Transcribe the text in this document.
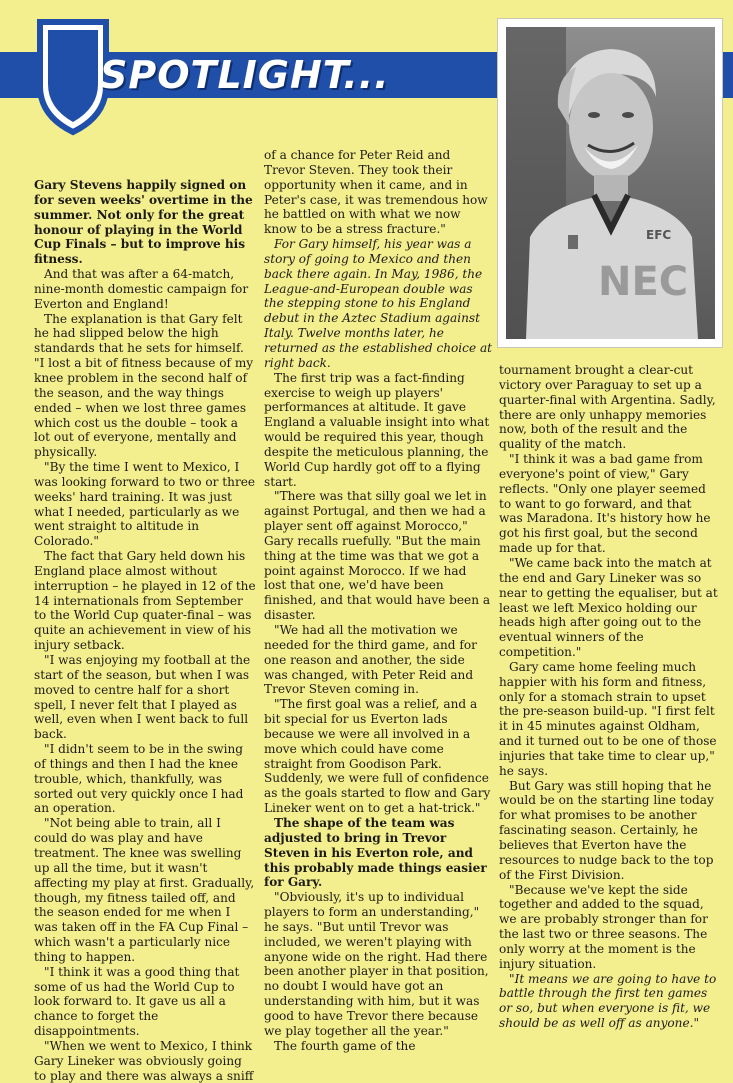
SPOTLIGHT...
NEC
EFC

Gary Stevens happily signed on for seven weeks' overtime in the summer. Not only for the great honour of playing in the World Cup Finals – but to improve his fitness.

And that was after a 64-match, nine-month domestic campaign for Everton and England!

The explanation is that Gary felt he had slipped below the high standards that he sets for himself. "I lost a bit of fitness because of my knee problem in the second half of the season, and the way things ended – when we lost three games which cost us the double – took a lot out of everyone, mentally and physically.

"By the time I went to Mexico, I was looking forward to two or three weeks' hard training. It was just what I needed, particularly as we went straight to altitude in Colorado."

The fact that Gary held down his England place almost without interruption – he played in 12 of the 14 internationals from September to the World Cup quater-final – was quite an achievement in view of his injury setback.

"I was enjoying my football at the start of the season, but when I was moved to centre half for a short spell, I never felt that I played as well, even when I went back to full back.

"I didn't seem to be in the swing of things and then I had the knee trouble, which, thankfully, was sorted out very quickly once I had an operation.

"Not being able to train, all I could do was play and have treatment. The knee was swelling up all the time, but it wasn't affecting my play at first. Gradually, though, my fitness tailed off, and the season ended for me when I was taken off in the FA Cup Final – which wasn't a particularly nice thing to happen.

"I think it was a good thing that some of us had the World Cup to look forward to. It gave us all a chance to forget the disappointments.

"When we went to Mexico, I think Gary Lineker was obviously going to play and there was always a sniff

of a chance for Peter Reid and Trevor Steven. They took their opportunity when it came, and in Peter's case, it was tremendous how he battled on with what we now know to be a stress fracture."

For Gary himself, his year was a story of going to Mexico and then back there again. In May, 1986, the League-and-European double was the stepping stone to his England debut in the Aztec Stadium against Italy. Twelve months later, he returned as the established choice at right back.

The first trip was a fact-finding exercise to weigh up players' performances at altitude. It gave England a valuable insight into what would be required this year, though despite the meticulous planning, the World Cup hardly got off to a flying start.

"There was that silly goal we let in against Portugal, and then we had a player sent off against Morocco," Gary recalls ruefully. "But the main thing at the time was that we got a point against Morocco. If we had lost that one, we'd have been finished, and that would have been a disaster.

"We had all the motivation we needed for the third game, and for one reason and another, the side was changed, with Peter Reid and Trevor Steven coming in.

"The first goal was a relief, and a bit special for us Everton lads because we were all involved in a move which could have come straight from Goodison Park. Suddenly, we were full of confidence as the goals started to flow and Gary Lineker went on to get a hat-trick."

The shape of the team was adjusted to bring in Trevor Steven in his Everton role, and this probably made things easier for Gary.

"Obviously, it's up to individual players to form an understanding," he says. "But until Trevor was included, we weren't playing with anyone wide on the right. Had there been another player in that position, no doubt I would have got an understanding with him, but it was good to have Trevor there because we play together all the year."

The fourth game of the

tournament brought a clear-cut victory over Paraguay to set up a quarter-final with Argentina. Sadly, there are only unhappy memories now, both of the result and the quality of the match.

"I think it was a bad game from everyone's point of view," Gary reflects. "Only one player seemed to want to go forward, and that was Maradona. It's history how he got his first goal, but the second made up for that.

"We came back into the match at the end and Gary Lineker was so near to getting the equaliser, but at least we left Mexico holding our heads high after going out to the eventual winners of the competition."

Gary came home feeling much happier with his form and fitness, only for a stomach strain to upset the pre-season build-up. "I first felt it in 45 minutes against Oldham, and it turned out to be one of those injuries that take time to clear up," he says.

But Gary was still hoping that he would be on the starting line today for what promises to be another fascinating season. Certainly, he believes that Everton have the resources to nudge back to the top of the First Division.

"Because we've kept the side together and added to the squad, we are probably stronger than for the last two or three seasons. The only worry at the moment is the injury situation.

"It means we are going to have to battle through the first ten games or so, but when everyone is fit, we should be as well off as anyone."
